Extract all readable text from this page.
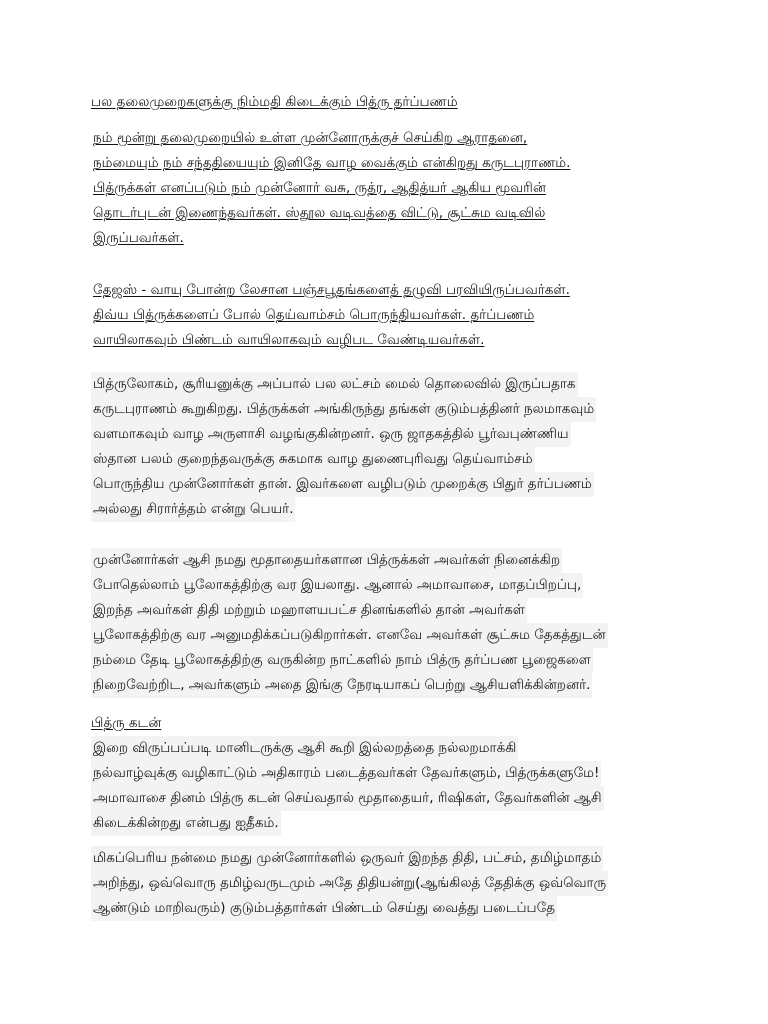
பல தலைமுறைகளுக்கு நிம்மதி கிடைக்கும் பித்ரு தர்ப்பணம்
நம் மூன்று தலைமுறையில் உள்ள முன்னோருக்குச் செய்கிற ஆராதனை,
நம்மையும் நம் சந்ததியையும் இனிதே வாழ வைக்கும் என்கிறது கருடபுராணம்.
பித்ருக்கள் எனப்படும் நம் முன்னோர் வசு, ருத்ர, ஆதித்யர் ஆகிய மூவரின்
தொடர்புடன் இணைந்தவர்கள். ஸ்தூல வடிவத்தை விட்டு, சூட்சும வடிவில்
இருப்பவர்கள்.
தேஜஸ் - வாயு போன்ற லேசான பஞ்சபூதங்களைத் தழுவி பரவியிருப்பவர்கள்.
திவ்ய பித்ருக்களைப் போல் தெய்வாம்சம் பொருந்தியவர்கள். தர்ப்பணம்
வாயிலாகவும் பிண்டம் வாயிலாகவும் வழிபட வேண்டியவர்கள்.
பித்ருலோகம், சூரியனுக்கு அப்பால் பல லட்சம் மைல் தொலைவில் இருப்பதாக
கருடபுராணம் கூறுகிறது. பித்ருக்கள் அங்கிருந்து தங்கள் குடும்பத்தினர் நலமாகவும்
வளமாகவும் வாழ அருளாசி வழங்குகின்றனர். ஒரு ஜாதகத்தில் பூர்வபுண்ணிய
ஸ்தான பலம் குறைந்தவருக்கு சுகமாக வாழ துணைபுரிவது தெய்வாம்சம்
பொருந்திய முன்னோர்கள் தான். இவர்களை வழிபடும் முறைக்கு பிதுர் தர்ப்பணம்
அல்லது சிரார்த்தம் என்று பெயர்.
முன்னோர்கள் ஆசி நமது மூதாதையர்களான பித்ருக்கள் அவர்கள் நினைக்கிற
போதெல்லாம் பூலோகத்திற்கு வர இயலாது. ஆனால் அமாவாசை, மாதப்பிறப்பு,
இறந்த அவர்கள் திதி மற்றும் மஹாளயபட்ச தினங்களில் தான் அவர்கள்
பூலோகத்திற்கு வர அனுமதிக்கப்படுகிறார்கள். எனவே அவர்கள் சூட்சும தேகத்துடன்
நம்மை தேடி பூலோகத்திற்கு வருகின்ற நாட்களில் நாம் பித்ரு தர்ப்பண பூஜைகளை
நிறைவேற்றிட, அவர்களும் அதை இங்கு நேரடியாகப் பெற்று ஆசியளிக்கின்றனர்.
பித்ரு கடன்
இறை விருப்பப்படி மானிடருக்கு ஆசி கூறி இல்லறத்தை நல்லறமாக்கி
நல்வாழ்வுக்கு வழிகாட்டும் அதிகாரம் படைத்தவர்கள் தேவர்களும், பித்ருக்களுமே!
அமாவாசை தினம் பித்ரு கடன் செய்வதால் மூதாதையர், ரிஷிகள், தேவர்களின் ஆசி
கிடைக்கின்றது என்பது ஐதீகம்.
மிகப்பெரிய நன்மை நமது முன்னோர்களில் ஒருவர் இறந்த திதி, பட்சம், தமிழ்மாதம்
அறிந்து, ஒவ்வொரு தமிழ்வருடமும் அதே திதியன்று(ஆங்கிலத் தேதிக்கு ஒவ்வொரு
ஆண்டும் மாறிவரும்) குடும்பத்தார்கள் பிண்டம் செய்து வைத்து படைப்பதே
